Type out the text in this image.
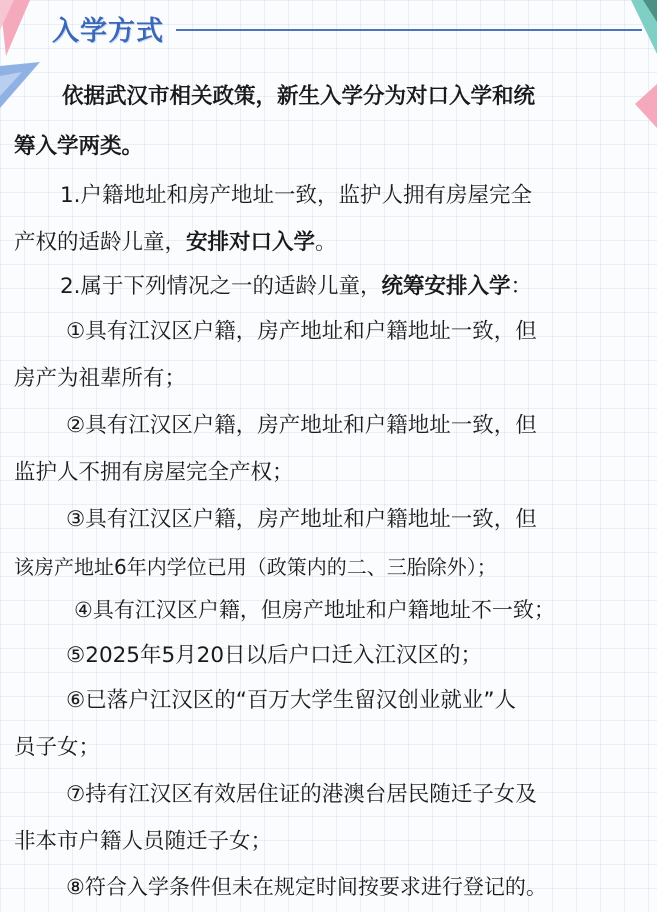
入学方式
依据武汉市相关政策，新生入学分为对口入学和统
筹入学两类。
1.户籍地址和房产地址一致，监护人拥有房屋完全
产权的适龄儿童，安排对口入学。
2.属于下列情况之一的适龄儿童，统筹安排入学：
①具有江汉区户籍，房产地址和户籍地址一致，但
房产为祖辈所有；
②具有江汉区户籍，房产地址和户籍地址一致，但
监护人不拥有房屋完全产权；
③具有江汉区户籍，房产地址和户籍地址一致，但
该房产地址6年内学位已用（政策内的二、三胎除外）；
④具有江汉区户籍，但房产地址和户籍地址不一致；
⑤2025年5月20日以后户口迁入江汉区的；
⑥已落户江汉区的“百万大学生留汉创业就业”人
员子女；
⑦持有江汉区有效居住证的港澳台居民随迁子女及
非本市户籍人员随迁子女；
⑧符合入学条件但未在规定时间按要求进行登记的。
